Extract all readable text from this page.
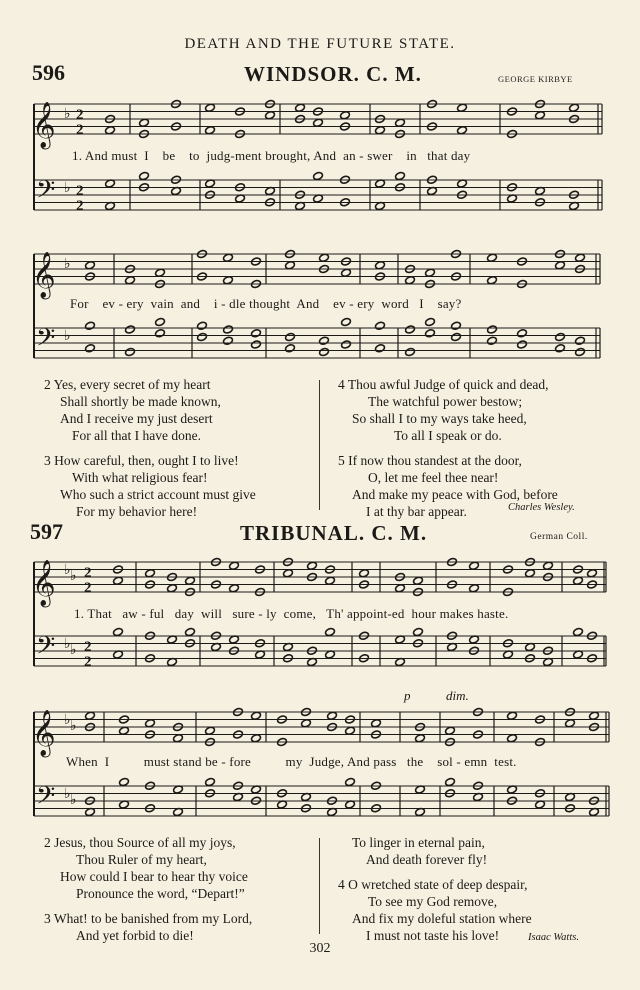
DEATH AND THE FUTURE STATE.
596	WINDSOR. C. M.	GEORGE KIRBYE
𝄞 ♭ 2
2
𝄢 ♭ 2
2
𝄞 ♭
𝄢 ♭
𝄞 ♭ ♭ 2
2
𝄢 ♭ ♭ 2
2
𝄞 ♭ ♭
𝄢 ♭ ♭
1. And must  I    be    to  judg-ment brought, And  an - swer    in   that day
For    ev - ery  vain  and    i - dle thought  And    ev - ery  word   I    say?
2 Yes, every secret of my heart
Shall shortly be made known,
And I receive my just desert
For all that I have done.
3 How careful, then, ought I to live!
With what religious fear!
Who such a strict account must give
For my behavior here!
4 Thou awful Judge of quick and dead,
The watchful power bestow;
So shall I to my ways take heed,
To all I speak or do.
5 If now thou standest at the door,
O, let me feel thee near!
And make my peace with God, before
I at thy bar appear.	Charles Wesley.
597	TRIBUNAL. C. M.	German Coll.
1. That   aw - ful   day  will   sure - ly  come,   Th' appoint-ed  hour makes haste.
When  I          must stand be - fore          my  Judge, And pass   the    sol - emn  test.
p	dim.
2 Jesus, thou Source of all my joys,
Thou Ruler of my heart,
How could I bear to hear thy voice
Pronounce the word, “Depart!”
3 What! to be banished from my Lord,
And yet forbid to die!
To linger in eternal pain,
And death forever fly!
4 O wretched state of deep despair,
To see my God remove,
And fix my doleful station where
I must not taste his love!	Isaac Watts.
302
